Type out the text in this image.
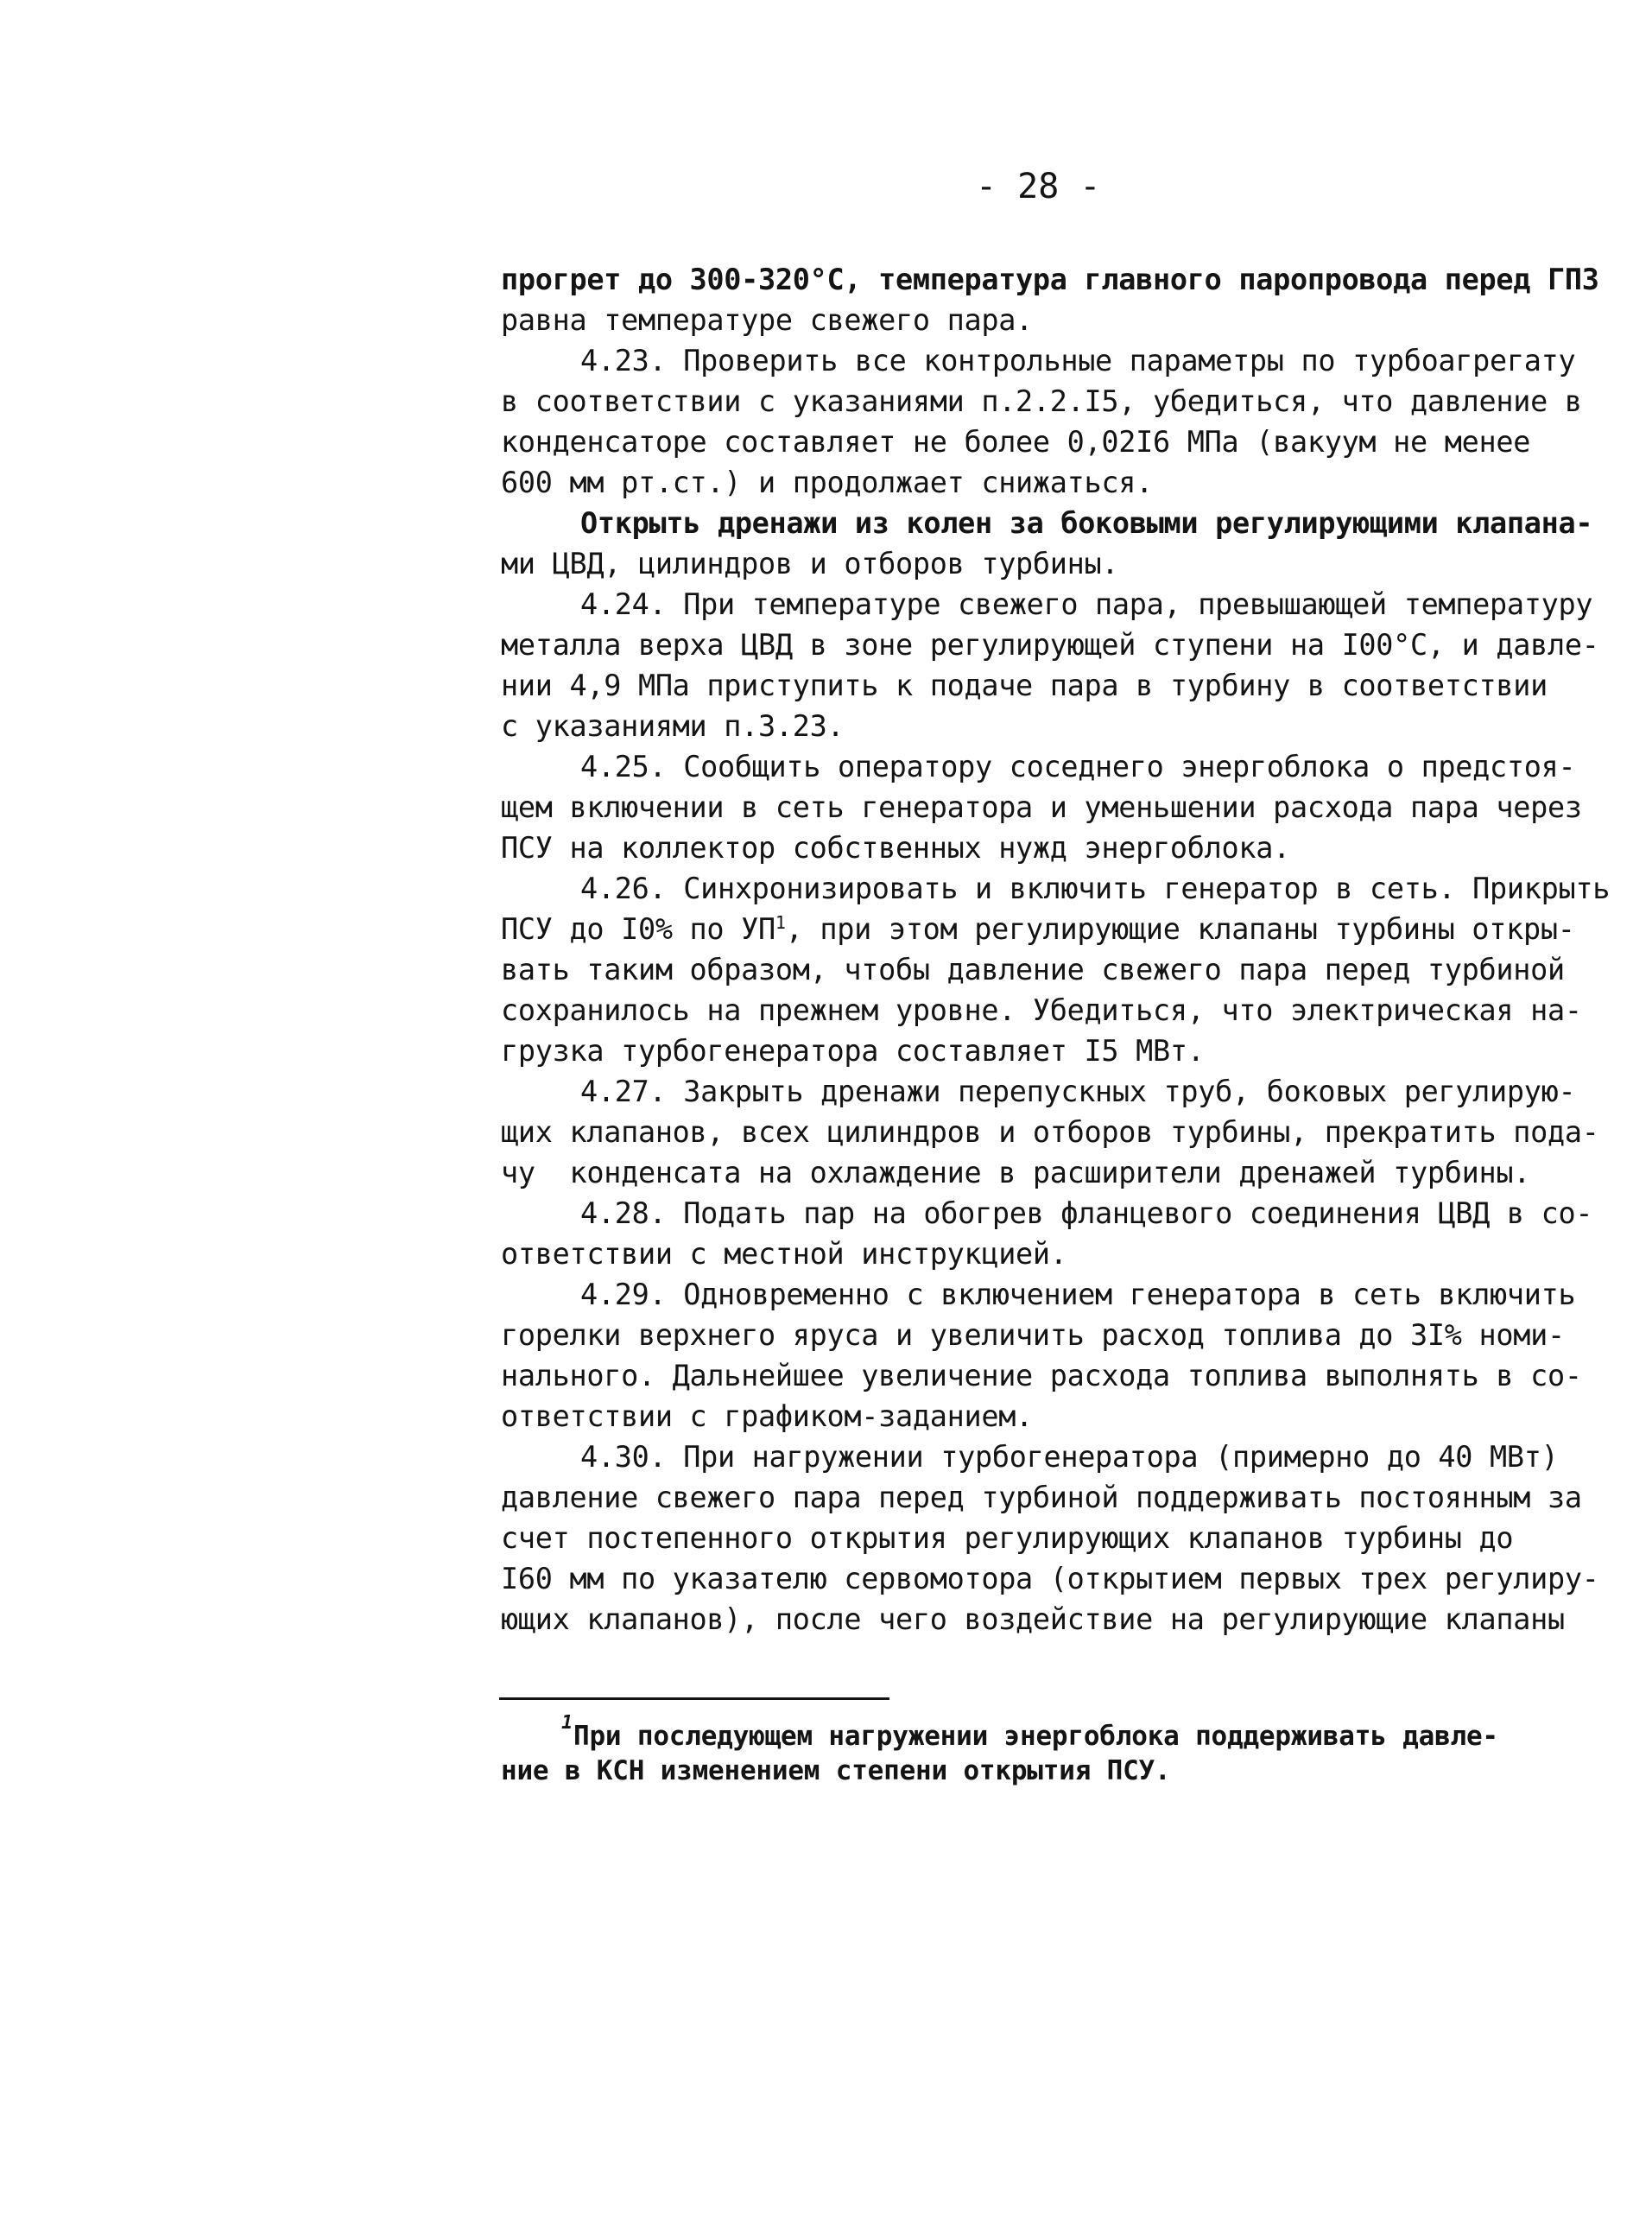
- 28 -
прогрет до 300-320°С, температура главного паропровода перед ГПЗ
равна температуре свежего пара.
4.23. Проверить все контрольные параметры по турбоагрегату
в соответствии с указаниями п.2.2.I5, убедиться, что давление в
конденсаторе составляет не более 0,02I6 МПа (вакуум не менее
600 мм рт.ст.) и продолжает снижаться.
Открыть дренажи из колен за боковыми регулирующими клапана-
ми ЦВД, цилиндров и отборов турбины.
4.24. При температуре свежего пара, превышающей температуру
металла верха ЦВД в зоне регулирующей ступени на I00°С, и давле-
нии 4,9 МПа приступить к подаче пара в турбину в соответствии
с указаниями п.3.23.
4.25. Сообщить оператору соседнего энергоблока о предстоя-
щем включении в сеть генератора и уменьшении расхода пара через
ПСУ на коллектор собственных нужд энергоблока.
4.26. Синхронизировать и включить генератор в сеть. Прикрыть
ПСУ до I0% по $УП^1$, при этом регулирующие клапаны турбины откры-
вать таким образом, чтобы давление свежего пара перед турбиной
сохранилось на прежнем уровне. Убедиться, что электрическая на-
грузка турбогенератора составляет I5 МВт.
4.27. Закрыть дренажи перепускных труб, боковых регулирую-
щих клапанов, всех цилиндров и отборов турбины, прекратить пода-
чу  конденсата на охлаждение в расширители дренажей турбины.
4.28. Подать пар на обогрев фланцевого соединения ЦВД в со-
ответствии с местной инструкцией.
4.29. Одновременно с включением генератора в сеть включить
горелки верхнего яруса и увеличить расход топлива до 3I% номи-
нального. Дальнейшее увеличение расхода топлива выполнять в со-
ответствии с графиком-заданием.
4.30. При нагружении турбогенератора (примерно до 40 МВт)
давление свежего пара перед турбиной поддерживать постоянным за
счет постепенного открытия регулирующих клапанов турбины до
I60 мм по указателю сервомотора (открытием первых трех регулиру-
ющих клапанов), после чего воздействие на регулирующие клапаны
1 При последующем нагружении энергоблока поддерживать давле-
ние в КСН изменением степени открытия ПСУ.
